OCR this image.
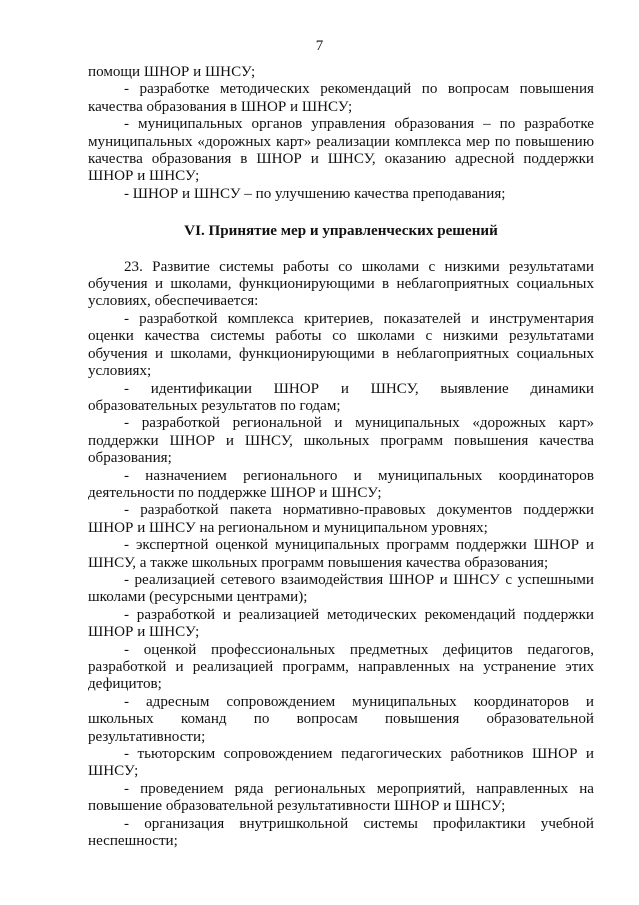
7

помощи ШНОР и ШНСУ;

- разработке методических рекомендаций по вопросам повышения качества образования в ШНОР и ШНСУ;

- муниципальных органов управления образования – по разработке муниципальных «дорожных карт» реализации комплекса мер по повышению качества образования в ШНОР и ШНСУ, оказанию адресной поддержки ШНОР и ШНСУ;

- ШНОР и ШНСУ – по улучшению качества преподавания;

VI. Принятие мер и управленческих решений

23. Развитие системы работы со школами с низкими результатами обучения и школами, функционирующими в неблагоприятных социальных условиях, обеспечивается:

- разработкой комплекса критериев, показателей и инструментария оценки качества системы работы со школами с низкими результатами обучения и школами, функционирующими в неблагоприятных социальных условиях;

- идентификации ШНОР и ШНСУ, выявление динамики образовательных результатов по годам;

- разработкой региональной и муниципальных «дорожных карт» поддержки ШНОР и ШНСУ, школьных программ повышения качества образования;

- назначением регионального и муниципальных координаторов деятельности по поддержке ШНОР и ШНСУ;

- разработкой пакета нормативно-правовых документов поддержки ШНОР и ШНСУ на региональном и муниципальном уровнях;

- экспертной оценкой муниципальных программ поддержки ШНОР и ШНСУ, а также школьных программ повышения качества образования;

- реализацией сетевого взаимодействия ШНОР и ШНСУ с успешными школами (ресурсными центрами);

- разработкой и реализацией методических рекомендаций поддержки ШНОР и ШНСУ;

- оценкой профессиональных предметных дефицитов педагогов, разработкой и реализацией программ, направленных на устранение этих дефицитов;

- адресным сопровождением муниципальных координаторов и школьных команд по вопросам повышения образовательной результативности;

- тьюторским сопровождением педагогических работников ШНОР и ШНСУ;

- проведением ряда региональных мероприятий, направленных на повышение образовательной результативности ШНОР и ШНСУ;

- организация внутришкольной системы профилактики учебной неспешности;
